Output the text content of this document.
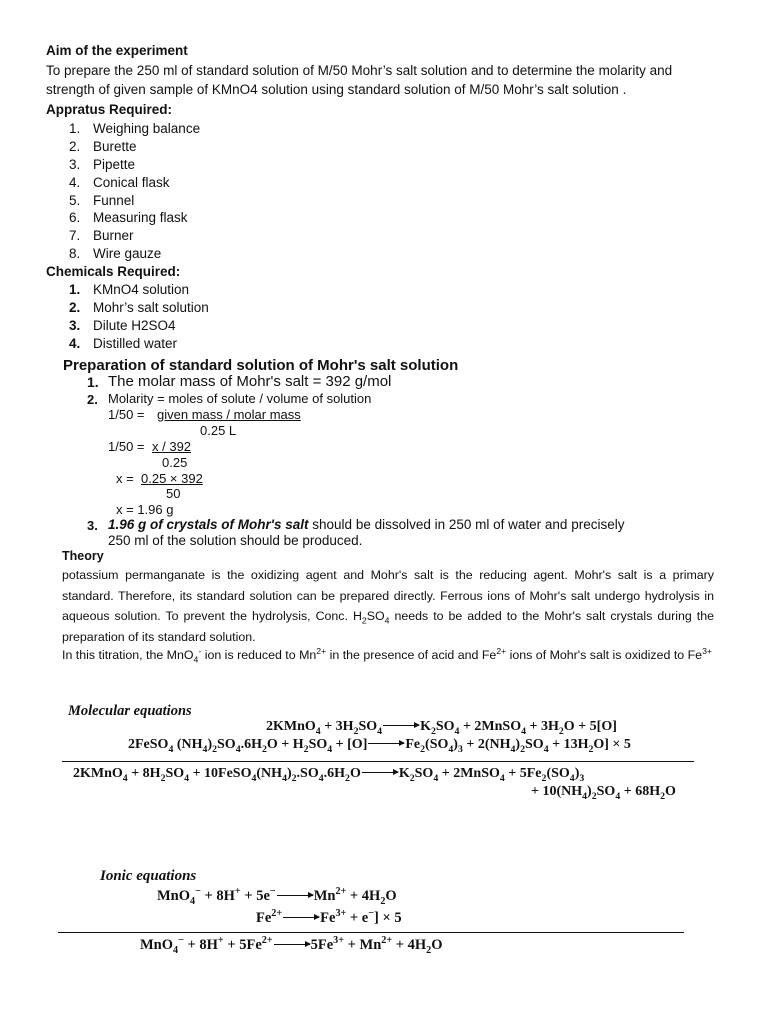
Aim of the experiment
To prepare the 250 ml of standard solution of M/50 Mohr’s salt solution and to determine the molarity and
strength of given sample of KMnO4 solution using standard solution of M/50 Mohr’s salt solution .
Appratus Required:
1. Weighing balance
2. Burette
3. Pipette
4. Conical flask
5. Funnel
6. Measuring flask
7. Burner
8. Wire gauze
Chemicals Required:
1. KMnO4 solution
2. Mohr’s salt solution
3. Dilute H2SO4
4. Distilled water
Preparation of standard solution of Mohr's salt solution
1. The molar mass of Mohr's salt = 392 g/mol
2. Molarity = moles of solute / volume of solution
1/50 = given mass / molar mass
0.25 L
1/50 = x / 392
0.25
x = 0.25 × 392
50
x = 1.96 g
3. 1.96 g of crystals of Mohr's salt should be dissolved in 250 ml of water and precisely
250 ml of the solution should be produced.
Theory

potassium permanganate is the oxidizing agent and Mohr's salt is the reducing agent. Mohr's salt is a primary standard. Therefore, its standard solution can be prepared directly. Ferrous ions of Mohr's salt undergo hydrolysis in aqueous solution. To prevent the hydrolysis, Conc. $H_2SO_4$ needs to be added to the Mohr's salt crystals during the preparation of its standard solution.

In this titration, the MnO$_4$- ion is reduced to $Mn^{2+}$ in the presence of acid and $Fe^{2+}$ ions of Mohr's salt is oxidized to $Fe^{3+}$

Molecular equations
2KMnO$_4$ + $3H_2SO_4$	$K_2SO_4$ + 2MnSO$_4$ + $3H_2O + 5[O]$
2FeSO$_4$ $(NH_4)_2SO_4.6H_2O + H_2SO_4 + [O]$	$Fe_2(SO_4)_3 + 2(NH_4)_2SO_4 + 13H_2O] \times 5$
2KMnO$_4$ + $8H_2SO_4$ + $10FeSO_4(NH_4)_2.SO_4.6H_2O$	$K_2SO_4$ + 2MnSO$_4$ + $5Fe_2(SO_4)_3$
+ $10(NH_4)_2SO_4 + 68H_2O$
Ionic equations
MnO$_4$− + 8H+ + 5e−	$Mn^{2+} + 4H_2O$
$Fe^{2+}$	$Fe^{3+} + e^-] \times 5$
$MnO_4^- + 8H^+ + 5Fe^{2+}$	$5Fe^{3+} + Mn^{2+} + 4H_2O$
